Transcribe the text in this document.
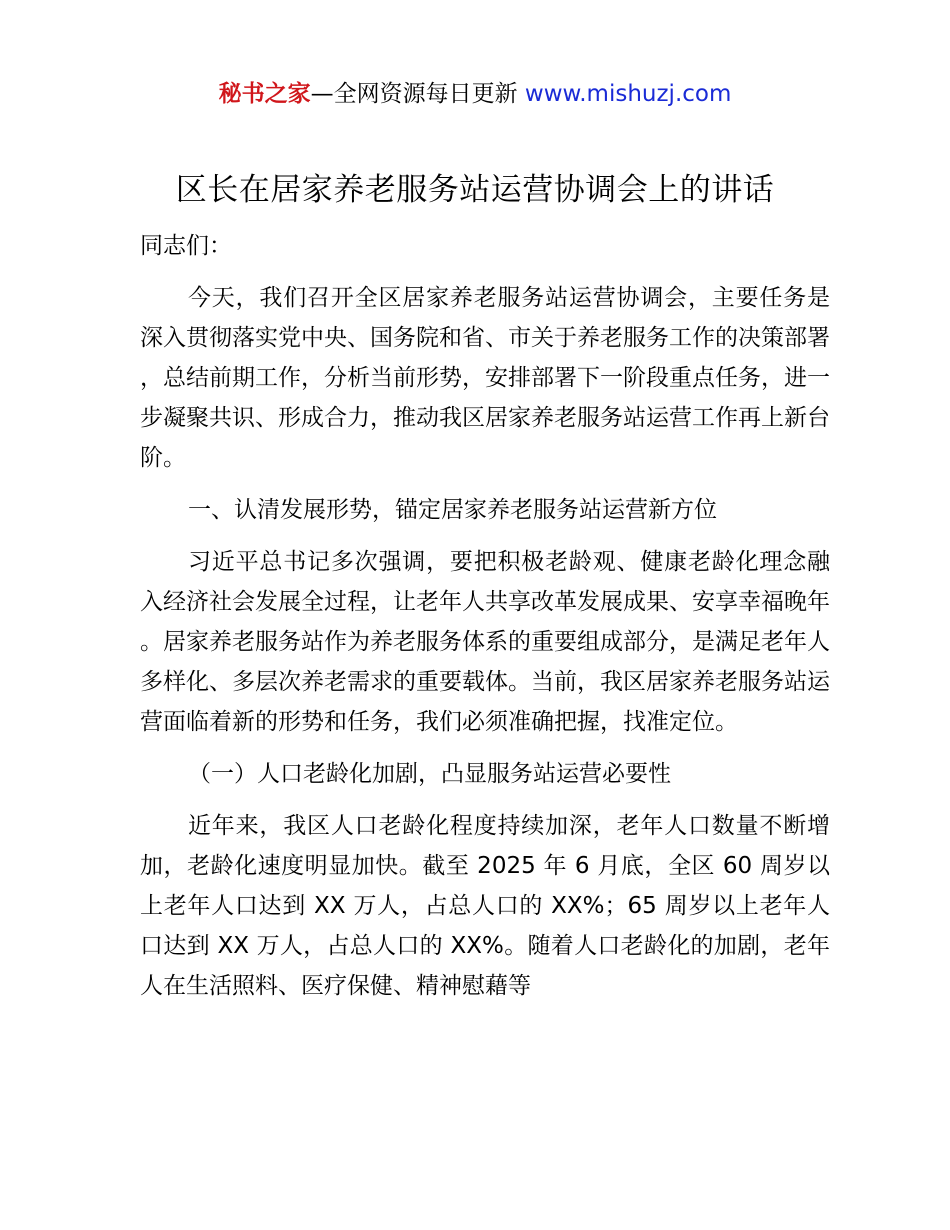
秘书之家—全网资源每日更新 www.mishuzj.com
区长在居家养老服务站运营协调会上的讲话

同志们：

今天，我们召开全区居家养老服务站运营协调会，主要任务是深入贯彻落实党中央、国务院和省、市关于养老服务工作的决策部署，总结前期工作，分析当前形势，安排部署下一阶段重点任务，进一步凝聚共识、形成合力，推动我区居家养老服务站运营工作再上新台阶。

一、认清发展形势，锚定居家养老服务站运营新方位

习近平总书记多次强调，要把积极老龄观、健康老龄化理念融入经济社会发展全过程，让老年人共享改革发展成果、安享幸福晚年。居家养老服务站作为养老服务体系的重要组成部分，是满足老年人多样化、多层次养老需求的重要载体。当前，我区居家养老服务站运营面临着新的形势和任务，我们必须准确把握，找准定位。

（一）人口老龄化加剧，凸显服务站运营必要性

近年来，我区人口老龄化程度持续加深，老年人口数量不断增加，老龄化速度明显加快。截至 2025 年 6 月底，全区 60 周岁以上老年人口达到 XX 万人，占总人口的 XX%；65 周岁以上老年人口达到 XX 万人，占总人口的 XX%。随着人口老龄化的加剧，老年人在生活照料、医疗保健、精神慰藉等
